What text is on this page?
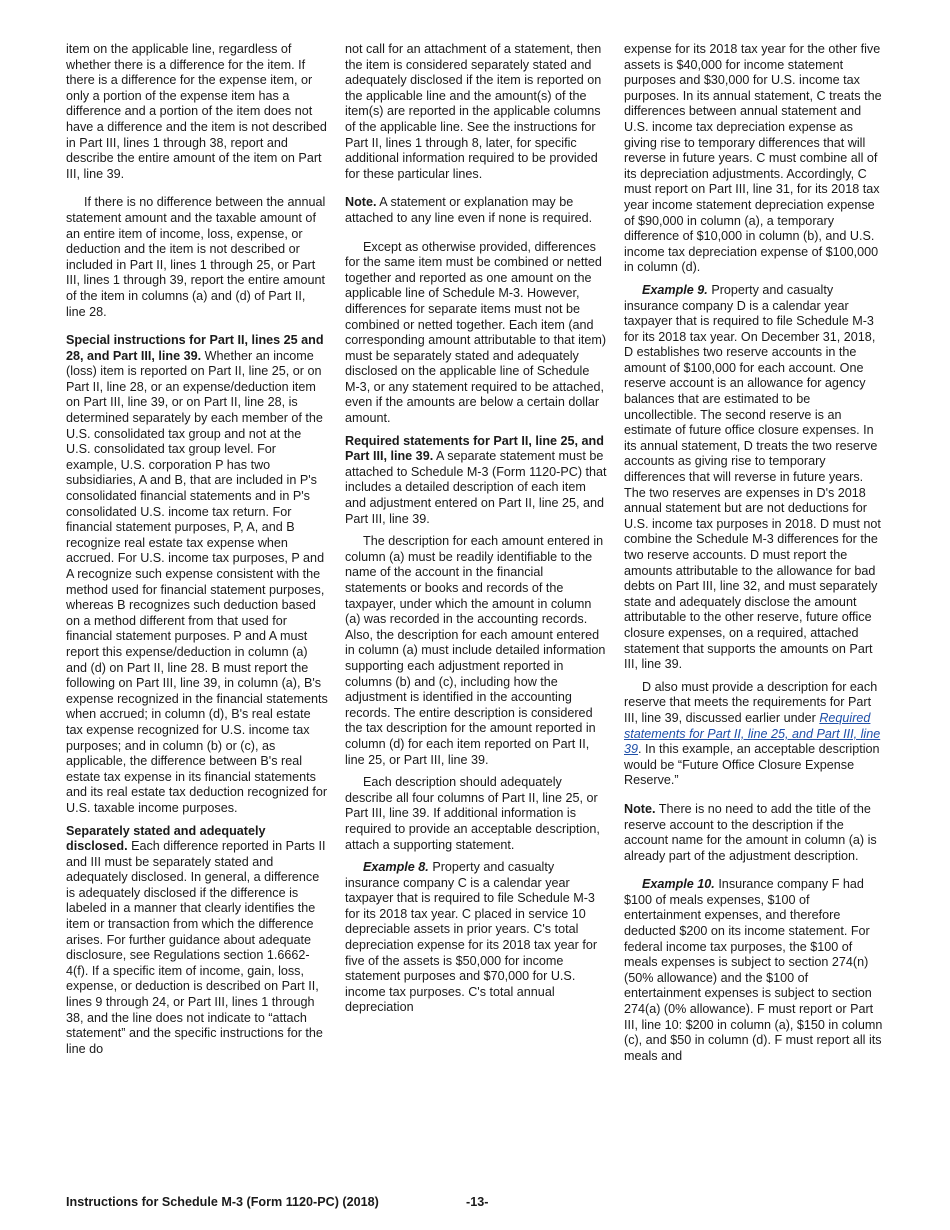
item on the applicable line, regardless of whether there is a difference for the item. If there is a difference for the expense item, or only a portion of the expense item has a difference and a portion of the item does not have a difference and the item is not described in Part III, lines 1 through 38, report and describe the entire amount of the item on Part III, line 39.

If there is no difference between the annual statement amount and the taxable amount of an entire item of income, loss, expense, or deduction and the item is not described or included in Part II, lines 1 through 25, or Part III, lines 1 through 39, report the entire amount of the item in columns (a) and (d) of Part II, line 28.

Special instructions for Part II, lines 25 and 28, and Part III, line 39. Whether an income (loss) item is reported on Part II, line 25, or on Part II, line 28, or an expense/deduction item on Part III, line 39, or on Part II, line 28, is determined separately by each member of the U.S. consolidated tax group and not at the U.S. consolidated tax group level. For example, U.S. corporation P has two subsidiaries, A and B, that are included in P's consolidated financial statements and in P's consolidated U.S. income tax return. For financial statement purposes, P, A, and B recognize real estate tax expense when accrued. For U.S. income tax purposes, P and A recognize such expense consistent with the method used for financial statement purposes, whereas B recognizes such deduction based on a method different from that used for financial statement purposes. P and A must report this expense/deduction in column (a) and (d) on Part II, line 28. B must report the following on Part III, line 39, in column (a), B's expense recognized in the financial statements when accrued; in column (d), B's real estate tax expense recognized for U.S. income tax purposes; and in column (b) or (c), as applicable, the difference between B's real estate tax expense in its financial statements and its real estate tax deduction recognized for U.S. taxable income purposes.

Separately stated and adequately disclosed. Each difference reported in Parts II and III must be separately stated and adequately disclosed. In general, a difference is adequately disclosed if the difference is labeled in a manner that clearly identifies the item or transaction from which the difference arises. For further guidance about adequate disclosure, see Regulations section 1.6662-4(f). If a specific item of income, gain, loss, expense, or deduction is described on Part II, lines 9 through 24, or Part III, lines 1 through 38, and the line does not indicate to “attach statement” and the specific instructions for the line do

not call for an attachment of a statement, then the item is considered separately stated and adequately disclosed if the item is reported on the applicable line and the amount(s) of the item(s) are reported in the applicable columns of the applicable line. See the instructions for Part II, lines 1 through 8, later, for specific additional information required to be provided for these particular lines.

Note. A statement or explanation may be attached to any line even if none is required.

Except as otherwise provided, differences for the same item must be combined or netted together and reported as one amount on the applicable line of Schedule M-3. However, differences for separate items must not be combined or netted together. Each item (and corresponding amount attributable to that item) must be separately stated and adequately disclosed on the applicable line of Schedule M-3, or any statement required to be attached, even if the amounts are below a certain dollar amount.

Required statements for Part II, line 25, and Part III, line 39. A separate statement must be attached to Schedule M-3 (Form 1120-PC) that includes a detailed description of each item and adjustment entered on Part II, line 25, and Part III, line 39.

The description for each amount entered in column (a) must be readily identifiable to the name of the account in the financial statements or books and records of the taxpayer, under which the amount in column (a) was recorded in the accounting records. Also, the description for each amount entered in column (a) must include detailed information supporting each adjustment reported in columns (b) and (c), including how the adjustment is identified in the accounting records. The entire description is considered the tax description for the amount reported in column (d) for each item reported on Part II, line 25, or Part III, line 39.

Each description should adequately describe all four columns of Part II, line 25, or Part III, line 39. If additional information is required to provide an acceptable description, attach a supporting statement.

Example 8. Property and casualty insurance company C is a calendar year taxpayer that is required to file Schedule M-3 for its 2018 tax year. C placed in service 10 depreciable assets in prior years. C's total depreciation expense for its 2018 tax year for five of the assets is $50,000 for income statement purposes and $70,000 for U.S. income tax purposes. C's total annual depreciation

expense for its 2018 tax year for the other five assets is $40,000 for income statement purposes and $30,000 for U.S. income tax purposes. In its annual statement, C treats the differences between annual statement and U.S. income tax depreciation expense as giving rise to temporary differences that will reverse in future years. C must combine all of its depreciation adjustments. Accordingly, C must report on Part III, line 31, for its 2018 tax year income statement depreciation expense of $90,000 in column (a), a temporary difference of $10,000 in column (b), and U.S. income tax depreciation expense of $100,000 in column (d).

Example 9. Property and casualty insurance company D is a calendar year taxpayer that is required to file Schedule M-3 for its 2018 tax year. On December 31, 2018, D establishes two reserve accounts in the amount of $100,000 for each account. One reserve account is an allowance for agency balances that are estimated to be uncollectible. The second reserve is an estimate of future office closure expenses. In its annual statement, D treats the two reserve accounts as giving rise to temporary differences that will reverse in future years. The two reserves are expenses in D's 2018 annual statement but are not deductions for U.S. income tax purposes in 2018. D must not combine the Schedule M-3 differences for the two reserve accounts. D must report the amounts attributable to the allowance for bad debts on Part III, line 32, and must separately state and adequately disclose the amount attributable to the other reserve, future office closure expenses, on a required, attached statement that supports the amounts on Part III, line 39.

D also must provide a description for each reserve that meets the requirements for Part III, line 39, discussed earlier under Required statements for Part II, line 25, and Part III, line 39. In this example, an acceptable description would be “Future Office Closure Expense Reserve.”

Note. There is no need to add the title of the reserve account to the description if the account name for the amount in column (a) is already part of the adjustment description.

Example 10. Insurance company F had $100 of meals expenses, $100 of entertainment expenses, and therefore deducted $200 on its income statement. For federal income tax purposes, the $100 of meals expenses is subject to section 274(n) (50% allowance) and the $100 of entertainment expenses is subject to section 274(a) (0% allowance). F must report or Part III, line 10: $200 in column (a), $150 in column (c), and $50 in column (d). F must report all its meals and

Instructions for Schedule M-3 (Form 1120-PC) (2018)	-13-
